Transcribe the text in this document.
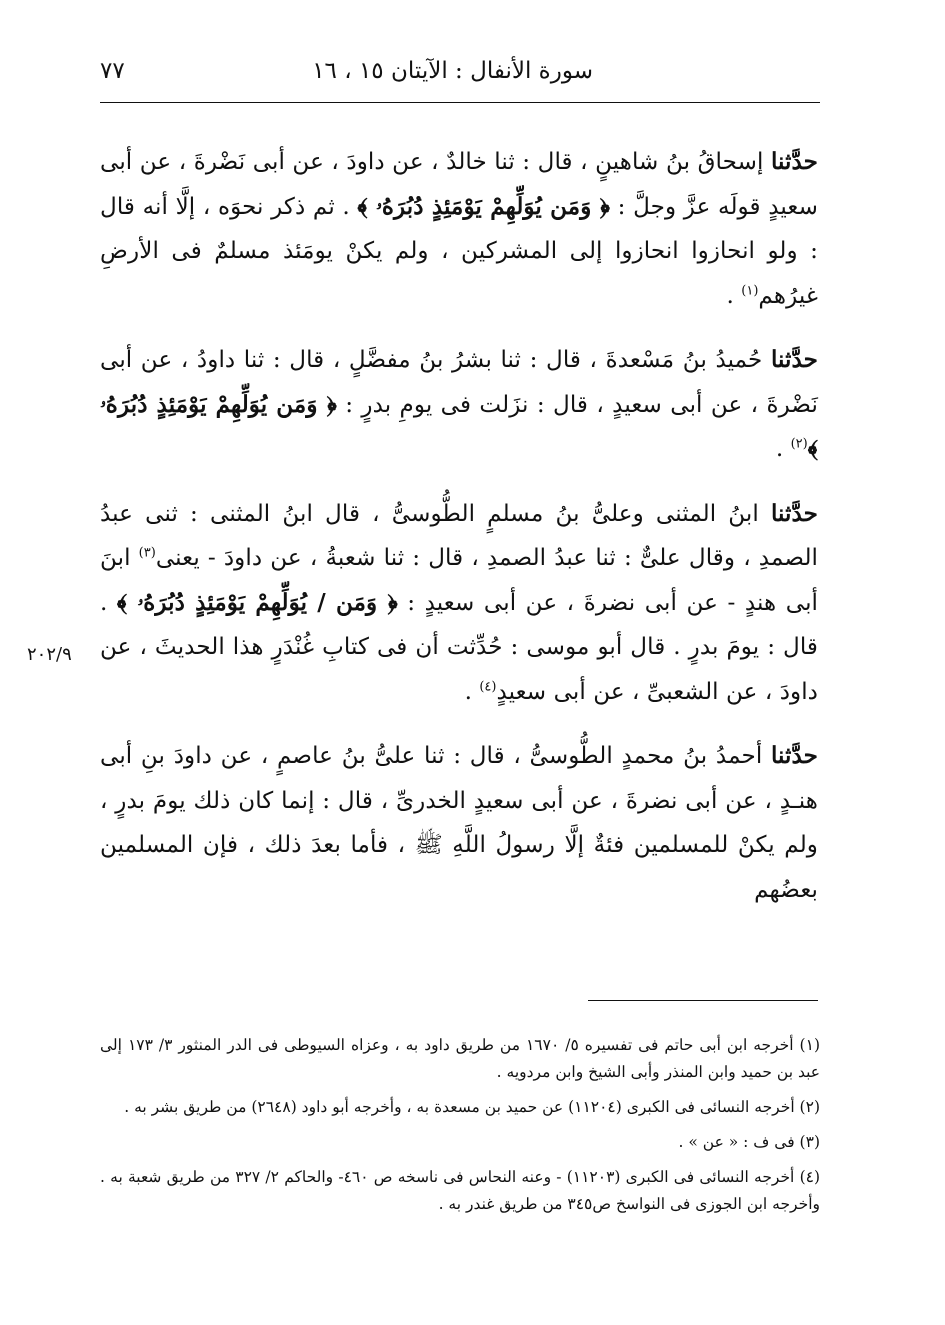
سورة الأنفال : الآيتان ١٥ ، ١٦
٧٧
٢٠٢/٩

حدَّثنا إسحاقُ بنُ شاهينٍ ، قال : ثنا خالدٌ ، عن داودَ ، عن أبى نَضْرةَ ، عن أبى سعيدٍ قولَه عزَّ وجلَّ : ﴿ وَمَن يُوَلِّهِمْ يَوْمَئِذٍ دُبُرَهُۥ ﴾ . ثم ذكر نحوَه ، إلَّا أنه قال : ولو انحازوا انحازوا إلى المشركين ، ولم يكنْ يومَئذ مسلمٌ فى الأرضِ غيرُهم$^{(١)}$ .

حدَّثنا حُميدُ بنُ مَسْعدةَ ، قال : ثنا بشرُ بنُ مفضَّلٍ ، قال : ثنا داودُ ، عن أبى نَضْرةَ ، عن أبى سعيدٍ ، قال : نزَلت فى يومِ بدرٍ : ﴿ وَمَن يُوَلِّهِمْ يَوْمَئِذٍ دُبُرَهُۥ ﴾$^{(٢)}$ .

حدَّثنا ابنُ المثنى وعلىُّ بنُ مسلمٍ الطُّوسىُّ ، قال ابنُ المثنى : ثنى عبدُ الصمدِ ، وقال علىٌّ : ثنا عبدُ الصمدِ ، قال : ثنا شعبةُ ، عن داودَ - يعنى$^{(٣)}$ ابنَ أبى هندٍ - عن أبى نضرةَ ، عن أبى سعيدٍ : ﴿ وَمَن / يُوَلِّهِمْ يَوْمَئِذٍ دُبُرَهُۥ ﴾ . قال : يومَ بدرٍ . قال أبو موسى : حُدِّثت أن فى كتابِ غُنْدَرٍ هذا الحديثَ ، عن داودَ ، عن الشعبىِّ ، عن أبى سعيدٍ$^{(٤)}$ .

حدَّثنا أحمدُ بنُ محمدٍ الطُّوسىُّ ، قال : ثنا علىُّ بنُ عاصمٍ ، عن داودَ بنِ أبى هنـدٍ ، عن أبى نضرةَ ، عن أبى سعيدٍ الخدرىِّ ، قال : إنما كان ذلك يومَ بدرٍ ، ولم يكنْ للمسلمين فئةٌ إلَّا رسولُ اللَّهِ ﷺ ، فأما بعدَ ذلك ، فإن المسلمين بعضُهم

(١) أخرجه ابن أبى حاتم فى تفسيره ٥/ ١٦٧٠ من طريق داود به ، وعزاه السيوطى فى الدر المنثور ٣/ ١٧٣ إلى عبد بن حميد وابن المنذر وأبى الشيخ وابن مردويه .

(٢) أخرجه النسائى فى الكبرى (١١٢٠٤) عن حميد بن مسعدة به ، وأخرجه أبو داود (٢٦٤٨) من طريق بشر به .

(٣) فى ف : « عن » .

(٤) أخرجه النسائى فى الكبرى (١١٢٠٣) - وعنه النحاس فى ناسخه ص ٤٦٠- والحاكم ٢/ ٣٢٧ من طريق شعبة به . وأخرجه ابن الجوزى فى النواسخ ص٣٤٥ من طريق غندر به .
